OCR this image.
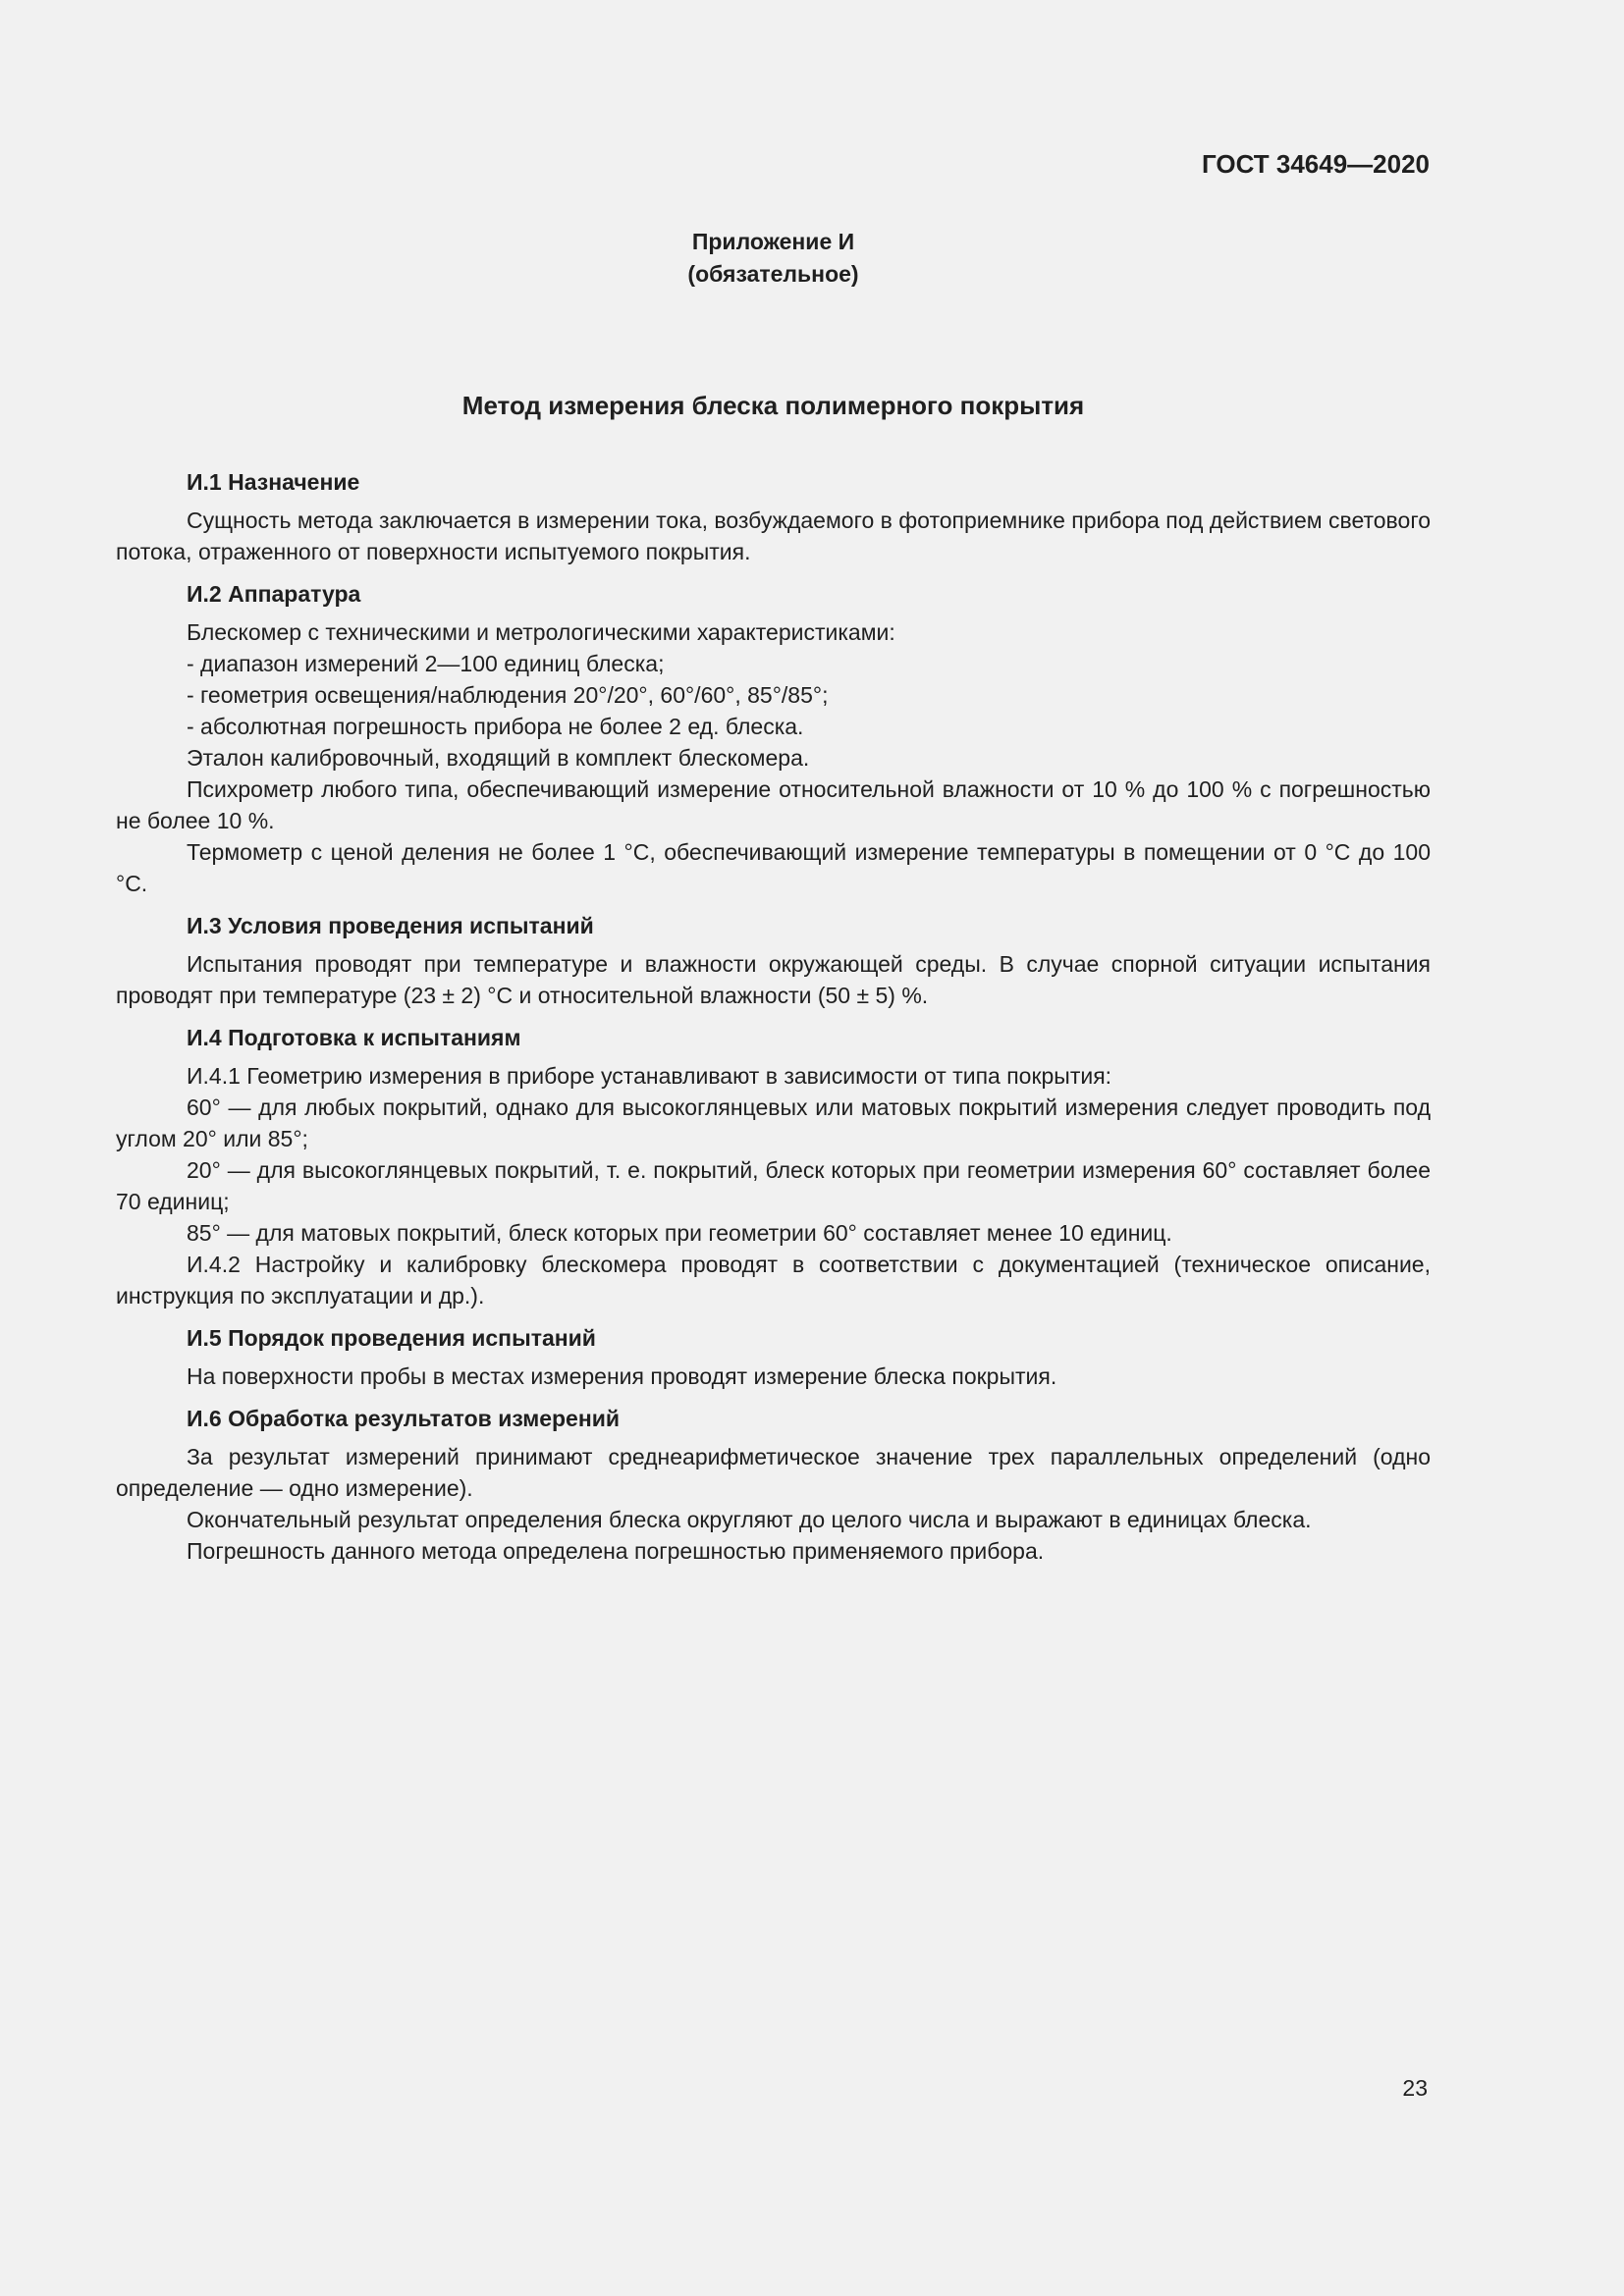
ГОСТ 34649—2020
Приложение И
(обязательное)
Метод измерения блеска полимерного покрытия
И.1 Назначение

Сущность метода заключается в измерении тока, возбуждаемого в фотоприемнике прибора под действием светового потока, отраженного от поверхности испытуемого покрытия.

И.2 Аппаратура

Блескомер с техническими и метрологическими характеристиками:

- диапазон измерений 2—100 единиц блеска;

- геометрия освещения/наблюдения 20°/20°, 60°/60°, 85°/85°;

- абсолютная погрешность прибора не более 2 ед. блеска.

Эталон калибровочный, входящий в комплект блескомера.

Психрометр любого типа, обеспечивающий измерение относительной влажности от 10 % до 100 % с погрешностью не более 10 %.

Термометр с ценой деления не более 1 °С, обеспечивающий измерение температуры в помещении от 0 °С до 100 °С.

И.3 Условия проведения испытаний

Испытания проводят при температуре и влажности окружающей среды. В случае спорной ситуации испытания проводят при температуре (23 ± 2) °С и относительной влажности (50 ± 5) %.

И.4 Подготовка к испытаниям

И.4.1 Геометрию измерения в приборе устанавливают в зависимости от типа покрытия:

60° — для любых покрытий, однако для высокоглянцевых или матовых покрытий измерения следует проводить под углом 20° или 85°;

20° — для высокоглянцевых покрытий, т. е. покрытий, блеск которых при геометрии измерения 60° составляет более 70 единиц;

85° — для матовых покрытий, блеск которых при геометрии 60° составляет менее 10 единиц.

И.4.2 Настройку и калибровку блескомера проводят в соответствии с документацией (техническое описание, инструкция по эксплуатации и др.).

И.5 Порядок проведения испытаний

На поверхности пробы в местах измерения проводят измерение блеска покрытия.

И.6 Обработка результатов измерений

За результат измерений принимают среднеарифметическое значение трех параллельных определений (одно определение — одно измерение).

Окончательный результат определения блеска округляют до целого числа и выражают в единицах блеска.

Погрешность данного метода определена погрешностью применяемого прибора.

23
